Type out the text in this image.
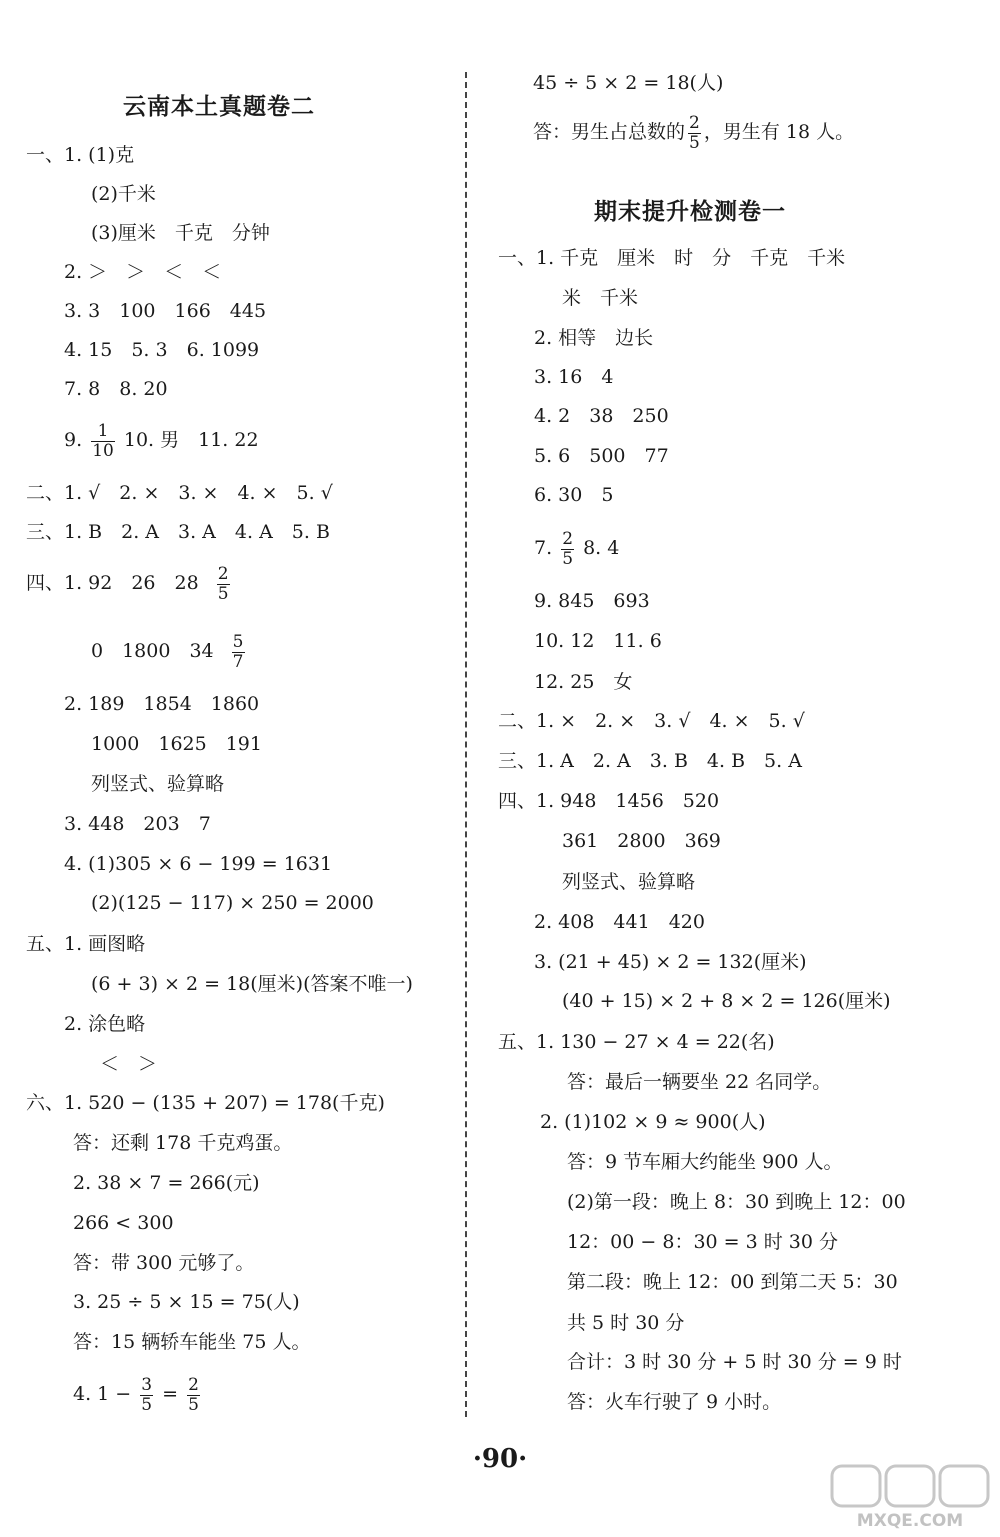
云南本土真题卷二
一、1. (1)克
(2)千米
(3)厘米　千克　分钟
2. ＞　＞　＜　＜
3. 3　100　166　445
4. 15　5. 3　6. 1099
7. 8　8. 20
9. $\frac{1}{10} 10$. 男　11. 22
二、1. √　2. ×　3. ×　4. ×　5. √
三、1. B　2. A　3. A　4. A　5. B
四、1. 92　26　$28 \frac{2}{5}$
0　1800　$34 \frac{5}{7}$
2. 189　1854　1860
1000　1625　191
列竖式、验算略
3. 448　203　7
4. (1)305 × 6 − 199 = 1631
(2)(125 − 117) × 250 = 2000
五、1. 画图略
(6 + 3) × 2 = 18(厘米)(答案不唯一)
2. 涂色略
＜　＞
六、1. 520 − (135 + 207) = 178(千克)
答：还剩 178 千克鸡蛋。
2. 38 × 7 = 266(元)
266 < 300
答：带 300 元够了。
3. 25 ÷ 5 × 15 = 75(人)
答：15 辆轿车能坐 75 人。
4. $1 - \frac{3}{5} = \frac{2}{5}$
45 ÷ 5 × 2 = 18(人)
答：男生占总数的 $\frac{2}{5}$ ，男生有 18 人。
期末提升检测卷一
一、1. 千克　厘米　时　分　千克　千米
米　千米
2. 相等　边长
3. 16　4
4. 2　38　250
5. 6　500　77
6. 30　5
7. $\frac{2}{5} 8$. 4
9. 845　693
10. 12　11. 6
12. 25　女
二、1. ×　2. ×　3. √　4. ×　5. √
三、1. A　2. A　3. B　4. B　5. A
四、1. 948　1456　520
361　2800　369
列竖式、验算略
2. 408　441　420
3. (21 + 45) × 2 = 132(厘米)
(40 + 15) × 2 + 8 × 2 = 126(厘米)
五、1. 130 − 27 × 4 = 22(名)
答：最后一辆要坐 22 名同学。
2. (1)102 × 9 ≈ 900(人)
答：9 节车厢大约能坐 900 人。
(2)第一段：晚上 8：30 到晚上 12：00
12：00 − 8：30 = 3 时 30 分
第二段：晚上 12：00 到第二天 5：30
共 5 时 30 分
合计：3 时 30 分 + 5 时 30 分 = 9 时
答：火车行驶了 9 小时。
·90·
MXQE.COM
